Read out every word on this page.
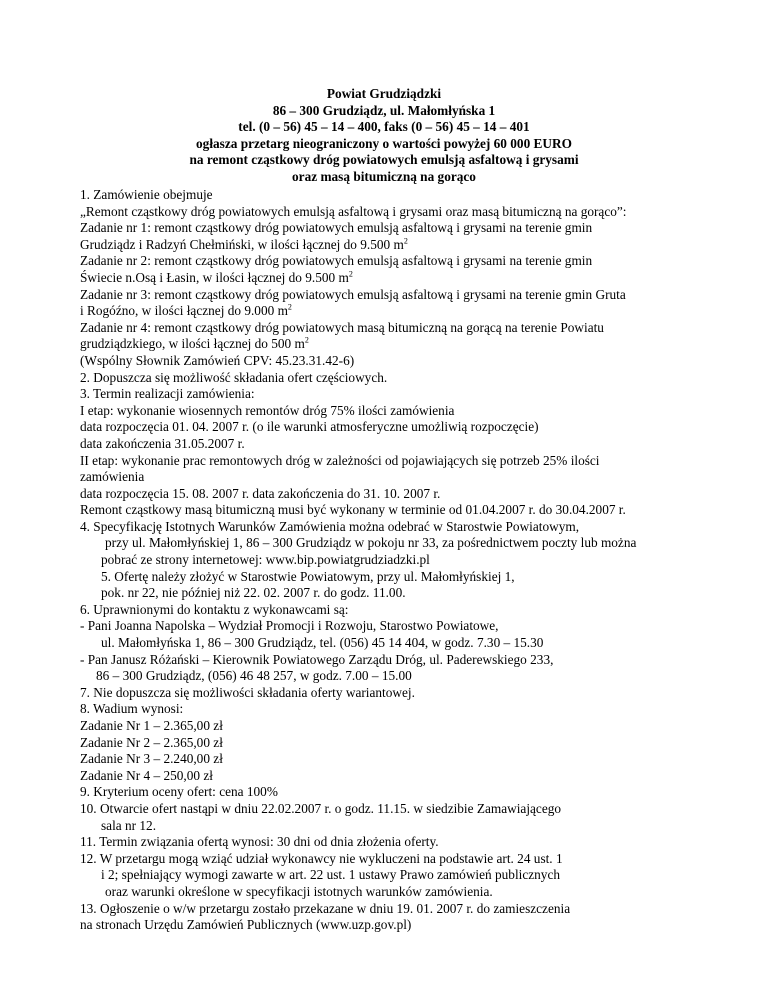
Powiat Grudziądzki
86 – 300 Grudziądz, ul. Małomłyńska 1
tel. (0 – 56) 45 – 14 – 400, faks (0 – 56) 45 – 14 – 401
ogłasza przetarg nieograniczony o wartości powyżej 60 000 EURO
na remont cząstkowy dróg powiatowych emulsją asfaltową i grysami
oraz masą bitumiczną na gorąco
1. Zamówienie obejmuje
„Remont cząstkowy dróg powiatowych emulsją asfaltową i grysami oraz masą bitumiczną na gorąco”:
Zadanie nr 1: remont cząstkowy dróg powiatowych emulsją asfaltową i grysami na terenie gmin
Grudziądz i Radzyń Chełmiński, w ilości łącznej do 9.500 $m^2$
Zadanie nr 2: remont cząstkowy dróg powiatowych emulsją asfaltową i grysami na terenie gmin
Świecie n.Osą i Łasin, w ilości łącznej do 9.500 $m^2$
Zadanie nr 3: remont cząstkowy dróg powiatowych emulsją asfaltową i grysami na terenie gmin Gruta
i Rogóźno, w ilości łącznej do 9.000 $m^2$
Zadanie nr 4: remont cząstkowy dróg powiatowych masą bitumiczną na gorącą na terenie Powiatu
grudziądzkiego, w ilości łącznej do 500 $m^2$
(Wspólny Słownik Zamówień CPV: 45.23.31.42-6)
2. Dopuszcza się możliwość składania ofert częściowych.
3. Termin realizacji zamówienia:
I etap: wykonanie wiosennych remontów dróg 75% ilości zamówienia
data rozpoczęcia 01. 04. 2007 r. (o ile warunki atmosferyczne umożliwią rozpoczęcie)
data zakończenia 31.05.2007 r.
II etap: wykonanie prac remontowych dróg w zależności od pojawiających się potrzeb 25% ilości
zamówienia
data rozpoczęcia 15. 08. 2007 r. data zakończenia do 31. 10. 2007 r.
Remont cząstkowy masą bitumiczną musi być wykonany w terminie od 01.04.2007 r. do 30.04.2007 r.
4. Specyfikację Istotnych Warunków Zamówienia można odebrać w Starostwie Powiatowym,
przy ul. Małomłyńskiej 1, 86 – 300 Grudziądz w pokoju nr 33, za pośrednictwem poczty lub można
pobrać ze strony internetowej: www.bip.powiatgrudziadzki.pl
5. Ofertę należy złożyć w Starostwie Powiatowym, przy ul. Małomłyńskiej 1,
pok. nr 22, nie później niż 22. 02. 2007 r. do godz. 11.00.
6. Uprawnionymi do kontaktu z wykonawcami są:
- Pani Joanna Napolska – Wydział Promocji i Rozwoju, Starostwo Powiatowe,
ul. Małomłyńska 1, 86 – 300 Grudziądz, tel. (056) 45 14 404, w godz. 7.30 – 15.30
- Pan Janusz Różański – Kierownik Powiatowego Zarządu Dróg, ul. Paderewskiego 233,
86 – 300 Grudziądz, (056) 46 48 257, w godz. 7.00 – 15.00
7. Nie dopuszcza się możliwości składania oferty wariantowej.
8. Wadium wynosi:
Zadanie Nr 1 – 2.365,00 zł
Zadanie Nr 2 – 2.365,00 zł
Zadanie Nr 3 – 2.240,00 zł
Zadanie Nr 4 – 250,00 zł
9. Kryterium oceny ofert: cena 100%
10. Otwarcie ofert nastąpi w dniu 22.02.2007 r. o godz. 11.15. w siedzibie Zamawiającego
sala nr 12.
11. Termin związania ofertą wynosi: 30 dni od dnia złożenia oferty.
12. W przetargu mogą wziąć udział wykonawcy nie wykluczeni na podstawie art. 24 ust. 1
i 2; spełniający wymogi zawarte w art. 22 ust. 1 ustawy Prawo zamówień publicznych
oraz warunki określone w specyfikacji istotnych warunków zamówienia.
13. Ogłoszenie o w/w przetargu zostało przekazane w dniu 19. 01. 2007 r. do zamieszczenia
na stronach Urzędu Zamówień Publicznych (www.uzp.gov.pl)
